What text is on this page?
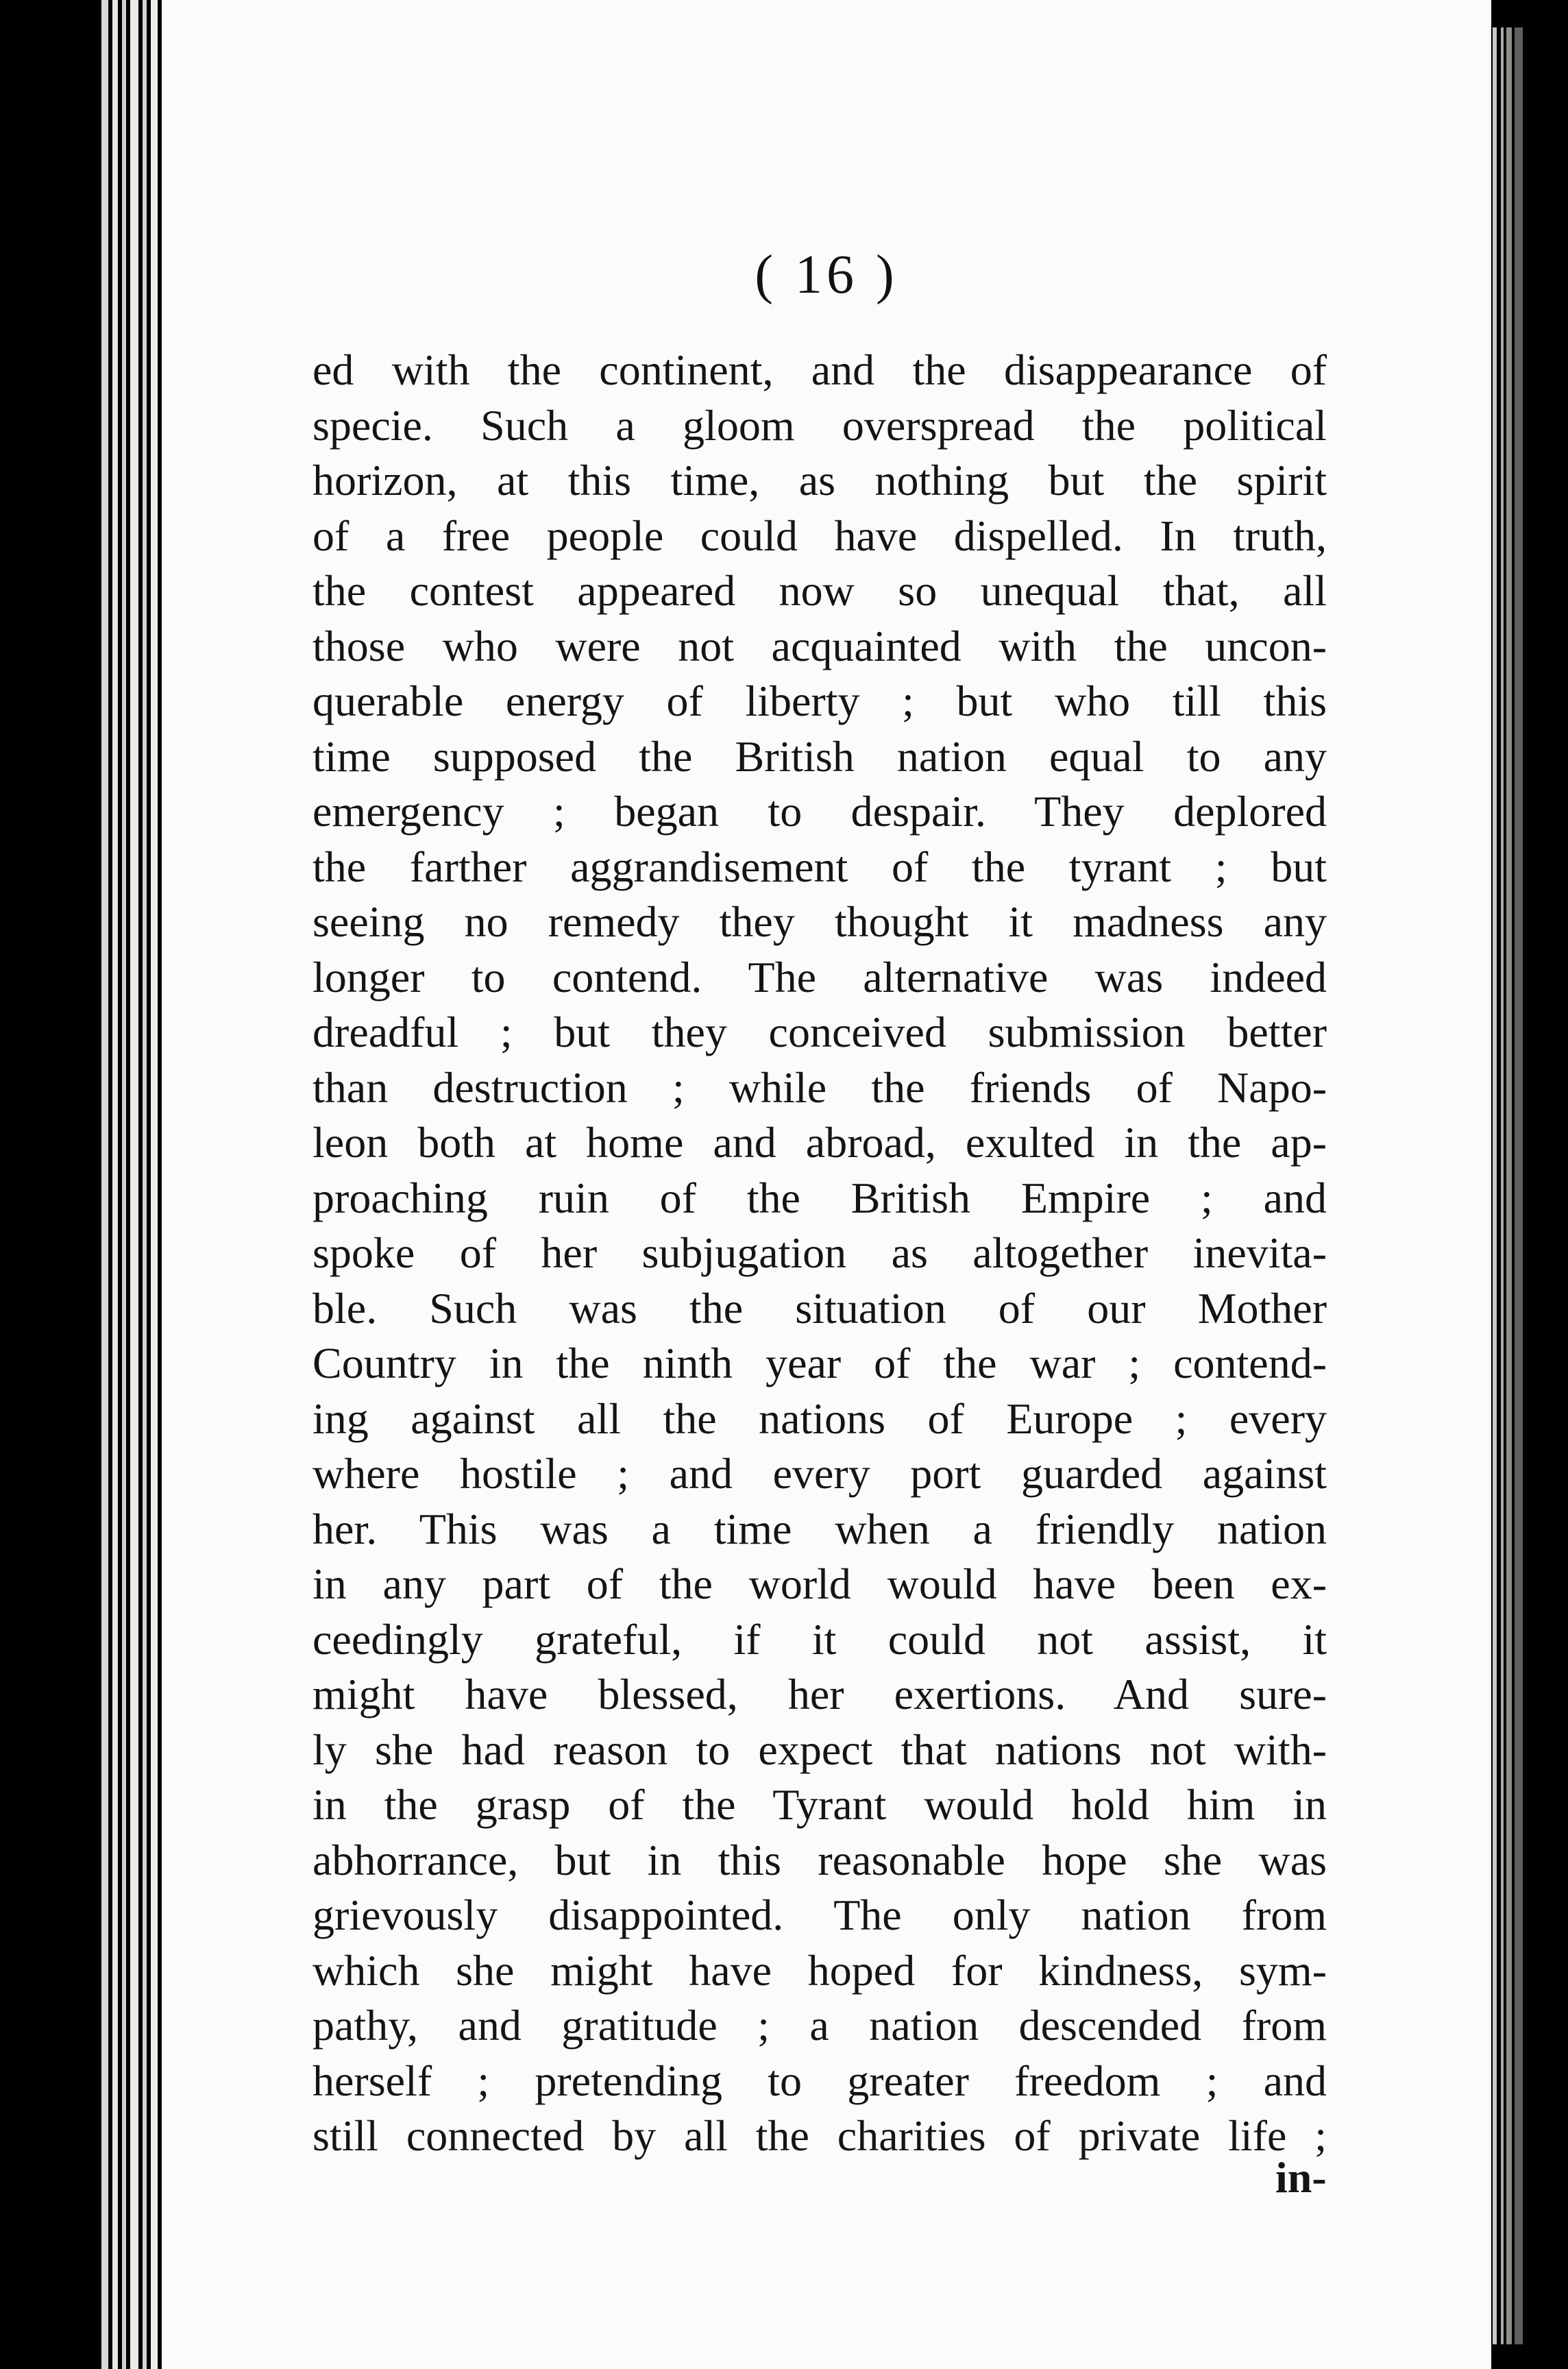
( 16 )
ed with the continent, and the disappearance of
specie. Such a gloom overspread the political
horizon, at this time, as nothing but the spirit
of a free people could have dispelled. In truth,
the contest appeared now so unequal that, all
those who were not acquainted with the uncon-
querable energy of liberty ; but who till this
time supposed the British nation equal to any
emergency ; began to despair. They deplored
the farther aggrandisement of the tyrant ; but
seeing no remedy they thought it madness any
longer to contend. The alternative was indeed
dreadful ; but they conceived submission better
than destruction ; while the friends of Napo-
leon both at home and abroad, exulted in the ap-
proaching ruin of the British Empire ; and
spoke of her subjugation as altogether inevita-
ble. Such was the situation of our Mother
Country in the ninth year of the war ; contend-
ing against all the nations of Europe ; every
where hostile ; and every port guarded against
her. This was a time when a friendly nation
in any part of the world would have been ex-
ceedingly grateful, if it could not assist, it
might have blessed, her exertions. And sure-
ly she had reason to expect that nations not with-
in the grasp of the Tyrant would hold him in
abhorrance, but in this reasonable hope she was
grievously disappointed. The only nation from
which she might have hoped for kindness, sym-
pathy, and gratitude ; a nation descended from
herself ; pretending to greater freedom ; and
still connected by all the charities of private life ;
in-
